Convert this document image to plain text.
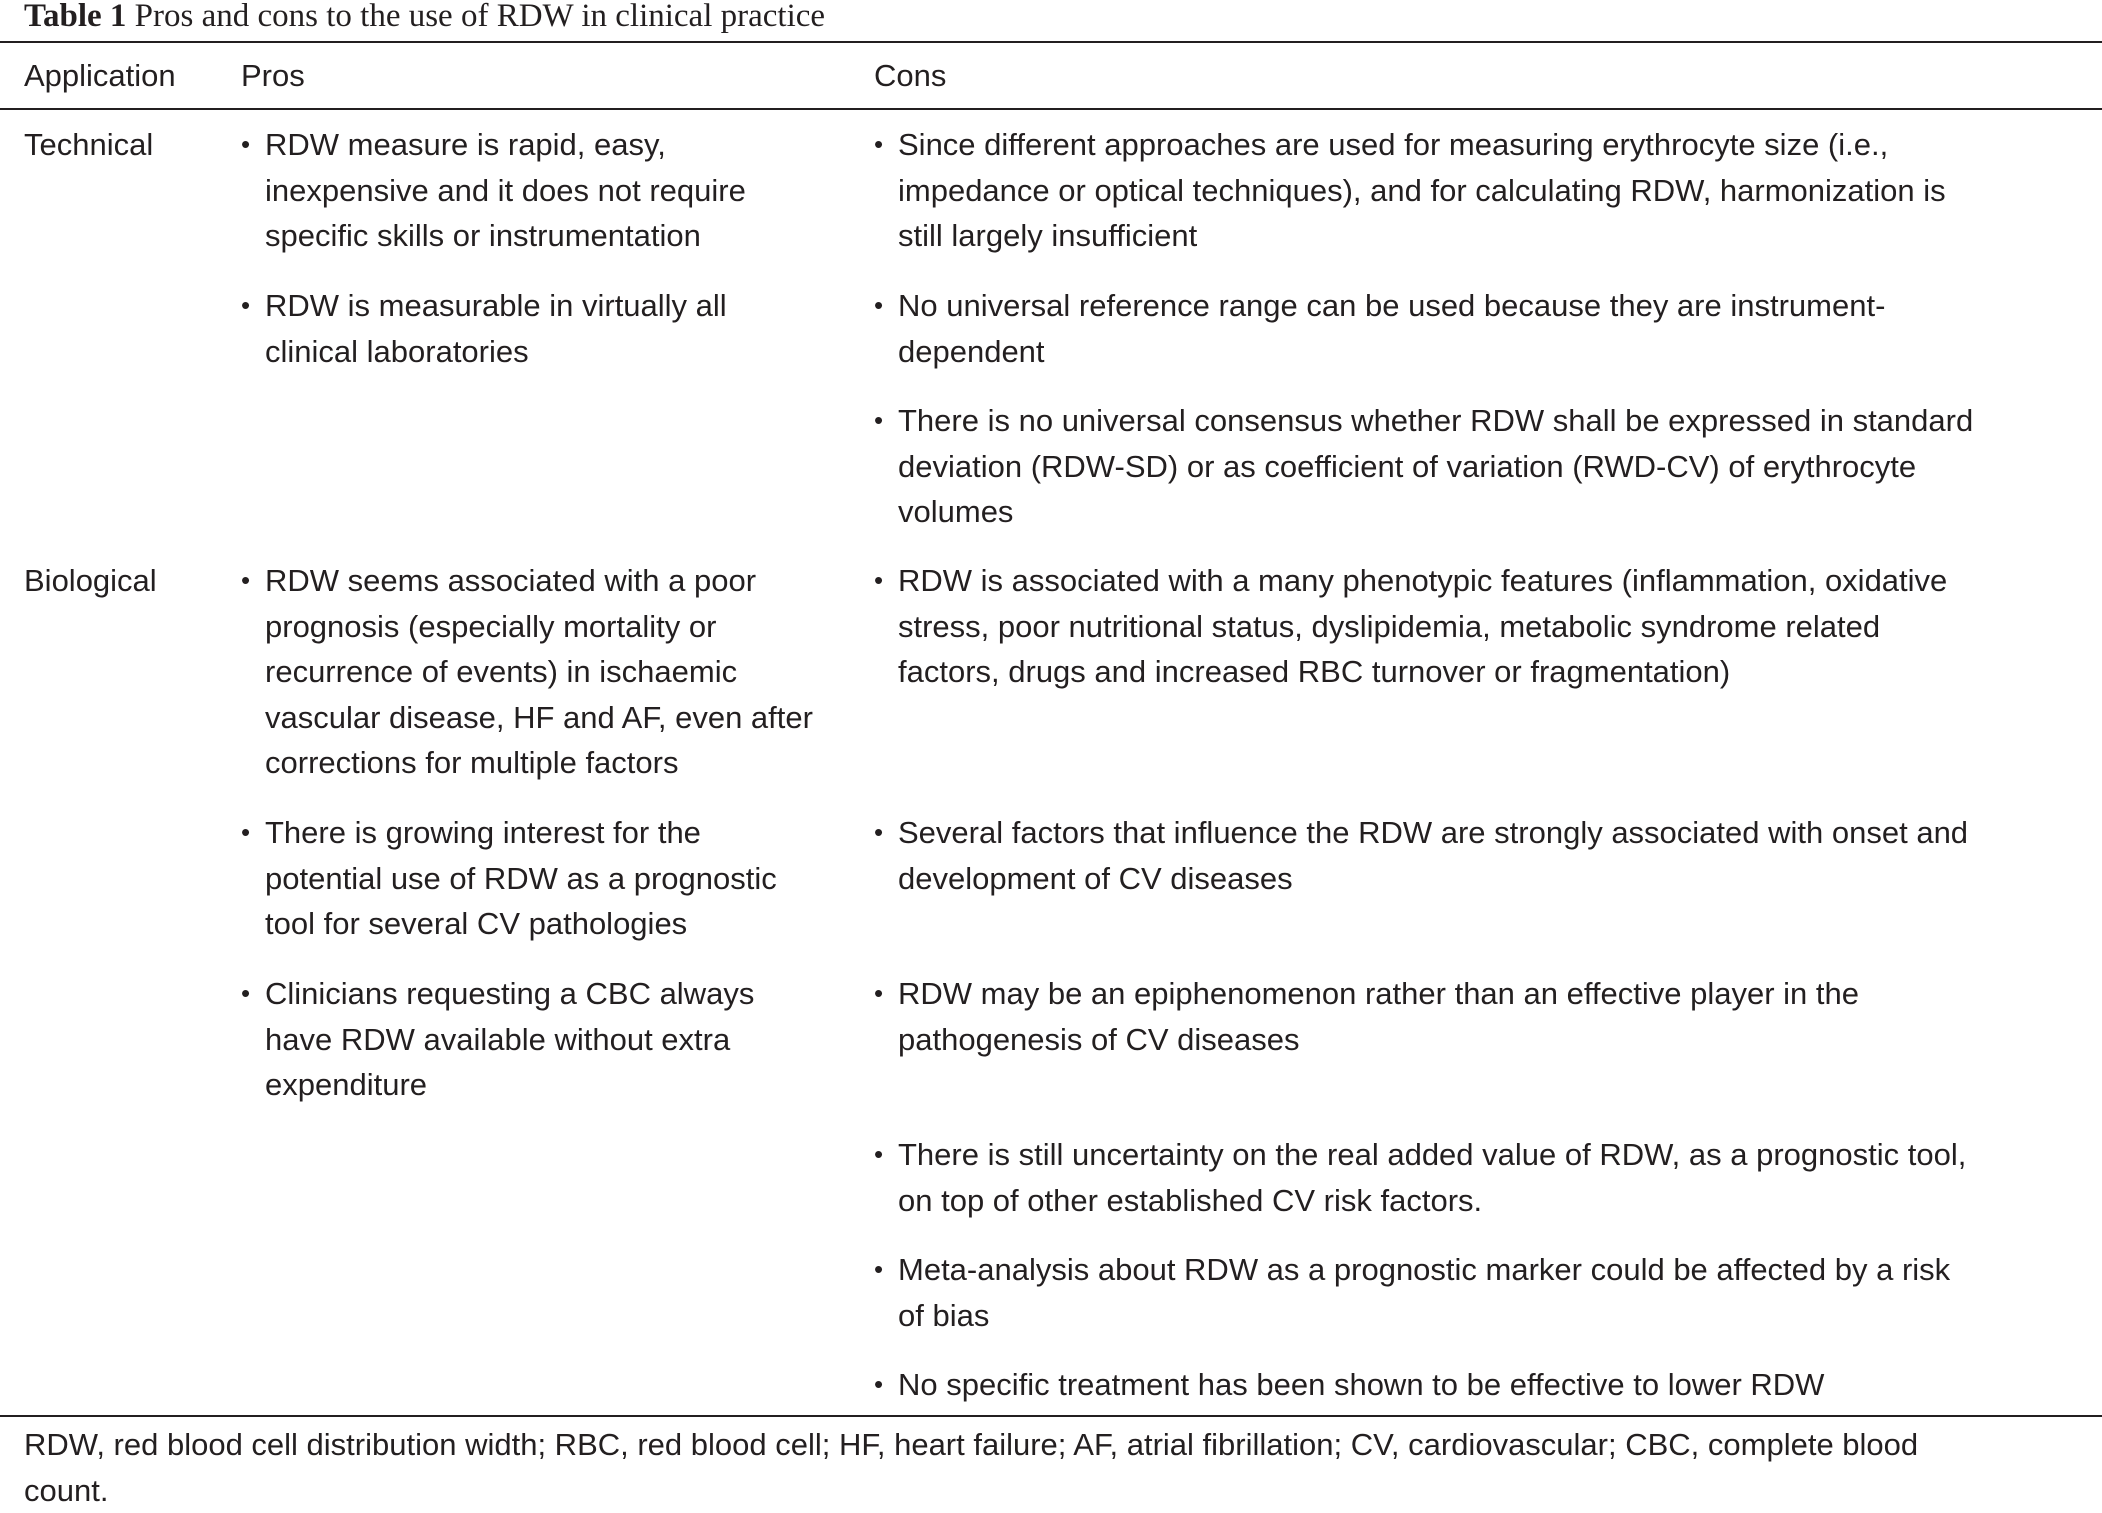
Table 1 Pros and cons to the use of RDW in clinical practice
Application Pros	Cons
Technical
Biological
• RDW measure is rapid, easy,
inexpensive and it does not require
specific skills or instrumentation
• RDW is measurable in virtually all
clinical laboratories
• Since different approaches are used for measuring erythrocyte size (i.e.,
impedance or optical techniques), and for calculating RDW, harmonization is
still largely insufficient
• No universal reference range can be used because they are instrument-
dependent
• There is no universal consensus whether RDW shall be expressed in standard
deviation (RDW-SD) or as coefficient of variation (RWD-CV) of erythrocyte
volumes
• RDW seems associated with a poor
prognosis (especially mortality or
recurrence of events) in ischaemic
vascular disease, HF and AF, even after
corrections for multiple factors
• There is growing interest for the
potential use of RDW as a prognostic
tool for several CV pathologies
• Clinicians requesting a CBC always
have RDW available without extra
expenditure
• RDW is associated with a many phenotypic features (inflammation, oxidative
stress, poor nutritional status, dyslipidemia, metabolic syndrome related
factors, drugs and increased RBC turnover or fragmentation)
• Several factors that influence the RDW are strongly associated with onset and
development of CV diseases
• RDW may be an epiphenomenon rather than an effective player in the
pathogenesis of CV diseases
• There is still uncertainty on the real added value of RDW, as a prognostic tool,
on top of other established CV risk factors.
• Meta-analysis about RDW as a prognostic marker could be affected by a risk
of bias
• No specific treatment has been shown to be effective to lower RDW
RDW, red blood cell distribution width; RBC, red blood cell; HF, heart failure; AF, atrial fibrillation; CV, cardiovascular; CBC, complete blood
count.
